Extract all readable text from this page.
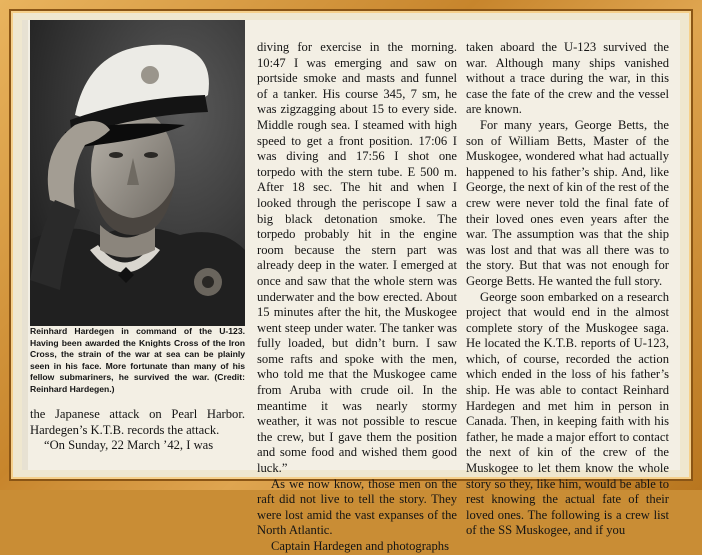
Reinhard Hardegen in command of the U-123. Having been awarded the Knights Cross of the Iron Cross, the strain of the war at sea can be plainly seen in his face. More fortunate than many of his fellow submariners, he survived the war. (Credit: Reinhard Hardegen.)

the Japanese attack on Pearl Harbor. Hardegen’s K.T.B. records the attack.

“On Sunday, 22 March ’42, I was

diving for exercise in the morning. 10:47 I was emerging and saw on portside smoke and masts and funnel of a tanker. His course 345, 7 sm, he was zigzagging about 15 to every side. Middle rough sea. I steamed with high speed to get a front position. 17:06 I was diving and 17:56 I shot one torpedo with the stern tube. E 500 m. After 18 sec. The hit and when I looked through the periscope I saw a big black detonation smoke. The torpedo probably hit in the engine room because the stern part was already deep in the water. I emerged at once and saw that the whole stern was underwater and the bow erected. About 15 minutes after the hit, the Muskogee went steep under water. The tanker was fully loaded, but didn’t burn. I saw some rafts and spoke with the men, who told me that the Muskogee came from Aruba with crude oil. In the meantime it was nearly stormy weather, it was not possible to rescue the crew, but I gave them the position and some food and wished them good luck.”

As we now know, those men on the raft did not live to tell the story. They were lost amid the vast expanses of the North Atlantic.

Captain Hardegen and photographs

taken aboard the U-123 survived the war. Although many ships vanished without a trace during the war, in this case the fate of the crew and the vessel are known.

For many years, George Betts, the son of William Betts, Master of the Muskogee, wondered what had actually happened to his father’s ship. And, like George, the next of kin of the rest of the crew were never told the final fate of their loved ones even years after the war. The assumption was that the ship was lost and that was all there was to the story. But that was not enough for George Betts. He wanted the full story.

George soon embarked on a research project that would end in the almost complete story of the Muskogee saga. He located the K.T.B. reports of U-123, which, of course, recorded the action which ended in the loss of his father’s ship. He was able to contact Reinhard Hardegen and met him in person in Canada. Then, in keeping faith with his father, he made a major effort to contact the next of kin of the crew of the Muskogee to let them know the whole story so they, like him, would be able to rest knowing the actual fate of their loved ones. The following is a crew list of the SS Muskogee, and if you
